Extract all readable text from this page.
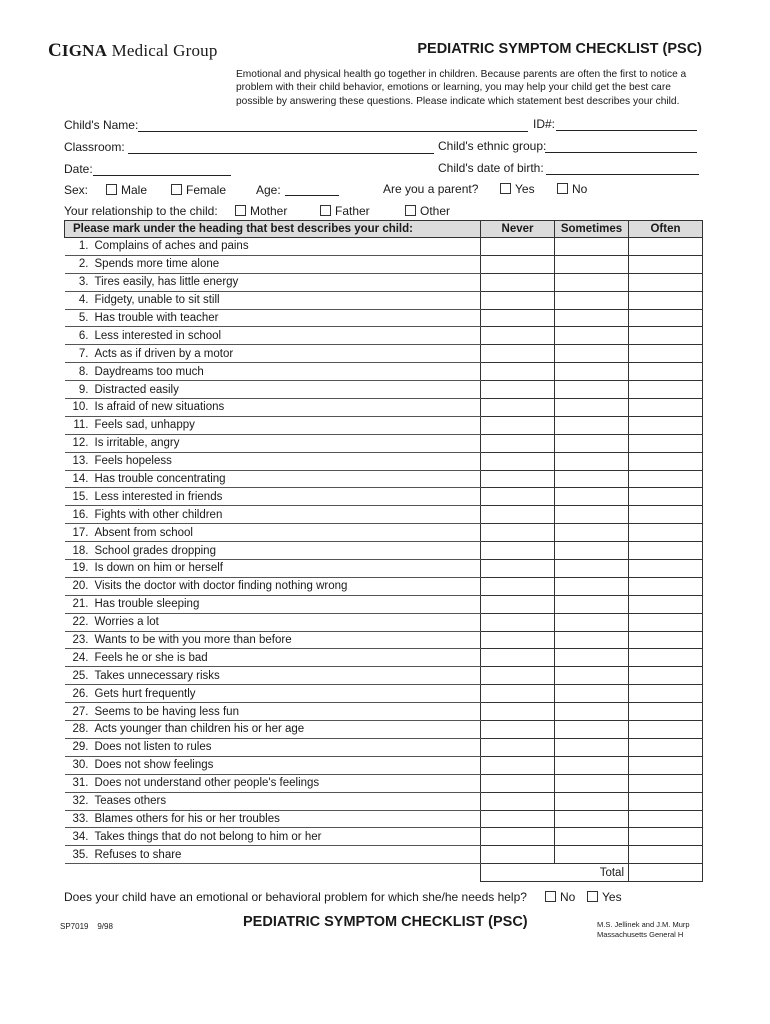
CIGNA Medical Group	PEDIATRIC SYMPTOM CHECKLIST (PSC)
Emotional and physical health go together in children. Because parents are often the first to notice a problem with their child behavior, emotions or learning, you may help your child get the best care possible by answering these questions. Please indicate which statement best describes your child.
Child's Name:	ID#:
Classroom:	Child's ethnic group:
Date:	Child's date of birth:
Sex:	Male	Female Age:	Are you a parent?	Yes	No
Your relationship to the child:	Mother	Father	Other
Please mark under the heading that best describes your child:	Never	Sometimes	Often
1. Complains of aches and pains			
2. Spends more time alone			
3. Tires easily, has little energy			
4. Fidgety, unable to sit still			
5. Has trouble with teacher			
6. Less interested in school			
7. Acts as if driven by a motor			
8. Daydreams too much			
9. Distracted easily			
10. Is afraid of new situations			
11. Feels sad, unhappy			
12. Is irritable, angry			
13. Feels hopeless			
14. Has trouble concentrating			
15. Less interested in friends			
16. Fights with other children			
17. Absent from school			
18. School grades dropping			
19. Is down on him or herself			
20. Visits the doctor with doctor finding nothing wrong			
21. Has trouble sleeping			
22. Worries a lot			
23. Wants to be with you more than before			
24. Feels he or she is bad			
25. Takes unnecessary risks			
26. Gets hurt frequently			
27. Seems to be having less fun			
28. Acts younger than children his or her age			
29. Does not listen to rules			
30. Does not show feelings			
31. Does not understand other people's feelings			
32. Teases others			
33. Blames others for his or her troubles			
34. Takes things that do not belong to him or her			
35. Refuses to share			
	Total		
Does your child have an emotional or behavioral problem for which she/he needs help?	No	Yes
SP7019 9/98	PEDIATRIC SYMPTOM CHECKLIST (PSC)	M.S. Jellinek and J.M. Murp
Massachusetts General H
